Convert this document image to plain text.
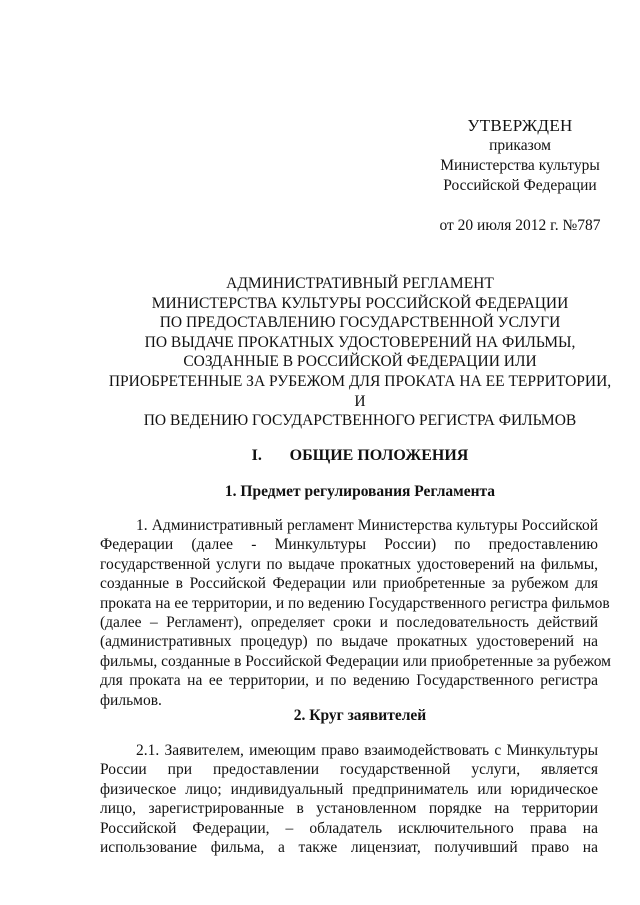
УТВЕРЖДЕН
приказом
Министерства культуры
Российской Федерации
от 20 июля 2012 г. №787
АДМИНИСТРАТИВНЫЙ РЕГЛАМЕНТ
МИНИСТЕРСТВА КУЛЬТУРЫ РОССИЙСКОЙ ФЕДЕРАЦИИ
ПО ПРЕДОСТАВЛЕНИЮ ГОСУДАРСТВЕННОЙ УСЛУГИ
ПО ВЫДАЧЕ ПРОКАТНЫХ УДОСТОВЕРЕНИЙ НА ФИЛЬМЫ,
СОЗДАННЫЕ В РОССИЙСКОЙ ФЕДЕРАЦИИ ИЛИ
ПРИОБРЕТЕННЫЕ ЗА РУБЕЖОМ ДЛЯ ПРОКАТА НА ЕЕ ТЕРРИТОРИИ,
И
ПО ВЕДЕНИЮ ГОСУДАРСТВЕННОГО РЕГИСТРА ФИЛЬМОВ
I. ОБЩИЕ ПОЛОЖЕНИЯ
1. Предмет регулирования Регламента
1. Административный регламент Министерства культуры Российской
Федерации (далее - Минкультуры России) по предоставлению
государственной услуги по выдаче прокатных удостоверений на фильмы,
созданные в Российской Федерации или приобретенные за рубежом для
проката на ее территории, и по ведению Государственного регистра фильмов
(далее – Регламент), определяет сроки и последовательность действий
(административных процедур) по выдаче прокатных удостоверений на
фильмы, созданные в Российской Федерации или приобретенные за рубежом
для проката на ее территории, и по ведению Государственного регистра
фильмов.
2. Круг заявителей
2.1. Заявителем, имеющим право взаимодействовать с Минкультуры
России при предоставлении государственной услуги, является
физическое лицо; индивидуальный предприниматель или юридическое
лицо, зарегистрированные в установленном порядке на территории
Российской Федерации, – обладатель исключительного права на
использование фильма, а также лицензиат, получивший право на
